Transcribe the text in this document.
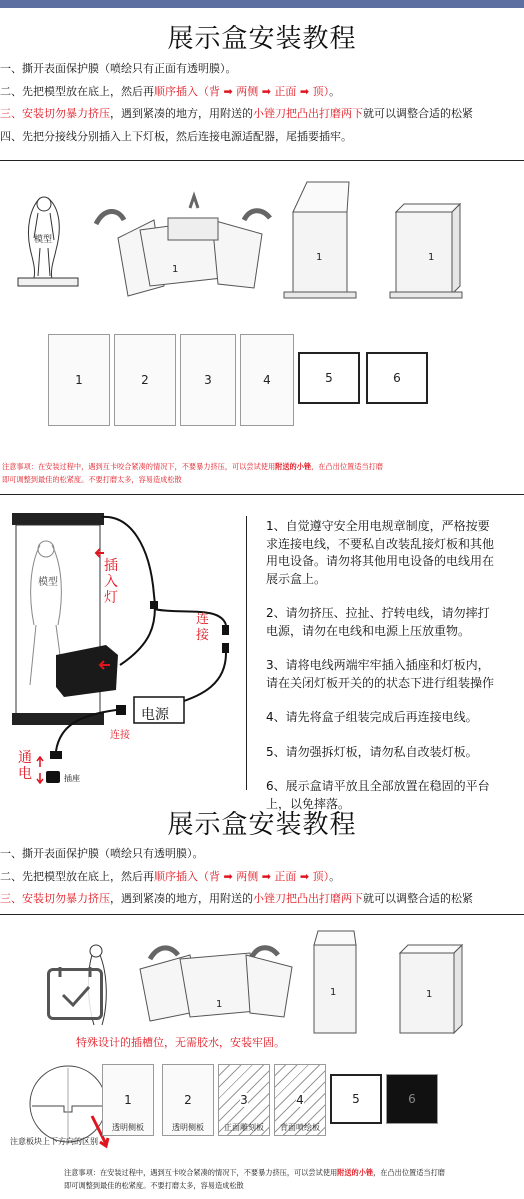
展示盒安装教程
一、撕开表面保护膜（喷绘只有正面有透明膜）。
二、先把模型放在底上，然后再顺序插入（背 ➡ 两侧 ➡ 正面 ➡ 顶）。
三、安装切勿暴力挤压，遇到紧凑的地方，用附送的小锉刀把凸出打磨两下就可以调整合适的松紧
四、先把分接线分别插入上下灯板，然后连接电源适配器，尾插要插牢。
模型
1
1	1
1	2	3	4	5	6
注意事项：在安装过程中，遇到互卡咬合紧凑的情况下，不要暴力挤压，可以尝试使用附送的小锉，在凸出位置适当打磨
即可调整到最佳的松紧度。不要打磨太多，容易造成松散
模型
插入灯
连接
电源
连接
通电	插座

1、自觉遵守安全用电规章制度，严格按要
求连接电线，不要私自改装乱接灯板和其他
用电设备。请勿将其他用电设备的电线用在
展示盒上。

2、请勿挤压、拉扯、拧转电线，请勿摔打
电源，请勿在电线和电源上压放重物。

3、请将电线两端牢牢插入插座和灯板内，
请在关闭灯板开关的的状态下进行组装操作

4、请先将盒子组装完成后再连接电线。

5、请勿强拆灯板，请勿私自改装灯板。

6、展示盒请平放且全部放置在稳固的平台
上，以免摔落。

展示盒安装教程
一、撕开表面保护膜（喷绘只有透明膜）。
二、先把模型放在底上，然后再顺序插入（背 ➡ 两侧 ➡ 正面 ➡ 顶）。
三、安装切勿暴力挤压，遇到紧凑的地方，用附送的小锉刀把凸出打磨两下就可以调整合适的松紧
1
1	1
特殊设计的插槽位，无需胶水，安装牢固。
注意板块上下方向的区别
1
透明侧板
2
透明侧板
3
正面雕刻板
4
背面喷绘板
5	6
注意事项：在安装过程中，遇到互卡咬合紧凑的情况下，不要暴力挤压，可以尝试使用附送的小锉，在凸出位置适当打磨
即可调整到最佳的松紧度。不要打磨太多，容易造成松散
